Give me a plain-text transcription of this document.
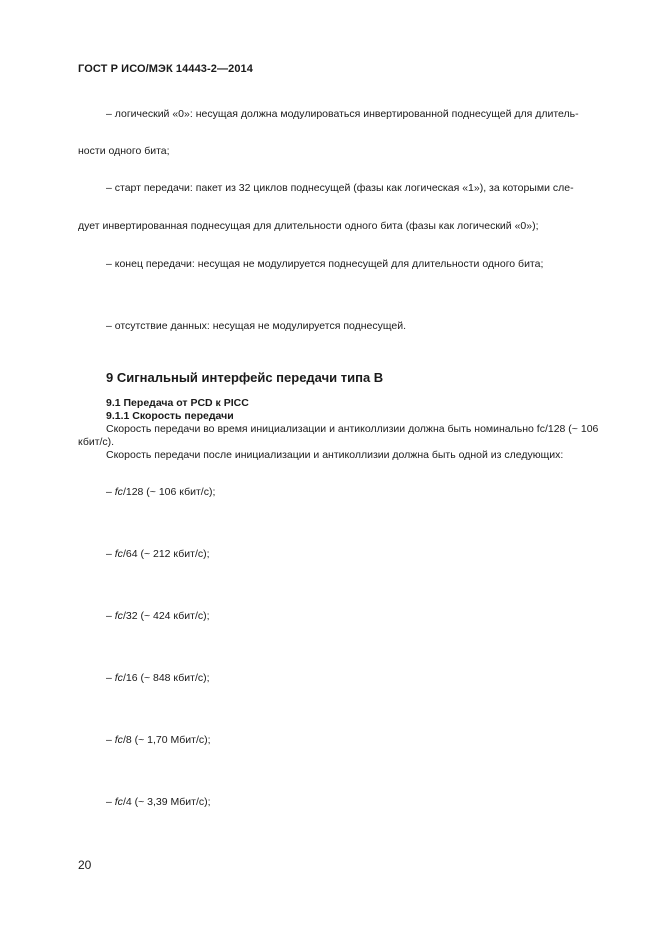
ГОСТ Р ИСО/МЭК 14443-2—2014
– логический «0»: несущая должна модулироваться инвертированной поднесущей для длитель-
ности одного бита;
– старт передачи: пакет из 32 циклов поднесущей (фазы как логическая «1»), за которыми сле-
дует инвертированная поднесущая для длительности одного бита (фазы как логический «0»);
– конец передачи: несущая не модулируется поднесущей для длительности одного бита;
– отсутствие данных: несущая не модулируется поднесущей.
9 Сигнальный интерфейс передачи типа В
9.1 Передача от PCD к PICC
9.1.1 Скорость передачи

Скорость передачи во время инициализации и антиколлизии должна быть номинально fc/128 (~ 106 кбит/с).

Скорость передачи после инициализации и антиколлизии должна быть одной из следующих:

– fc/128 (~ 106 кбит/с);
– fc/64 (~ 212 кбит/с);
– fc/32 (~ 424 кбит/с);
– fc/16 (~ 848 кбит/с);
– fc/8 (~ 1,70 Мбит/с);
– fc/4 (~ 3,39 Мбит/с);
20
